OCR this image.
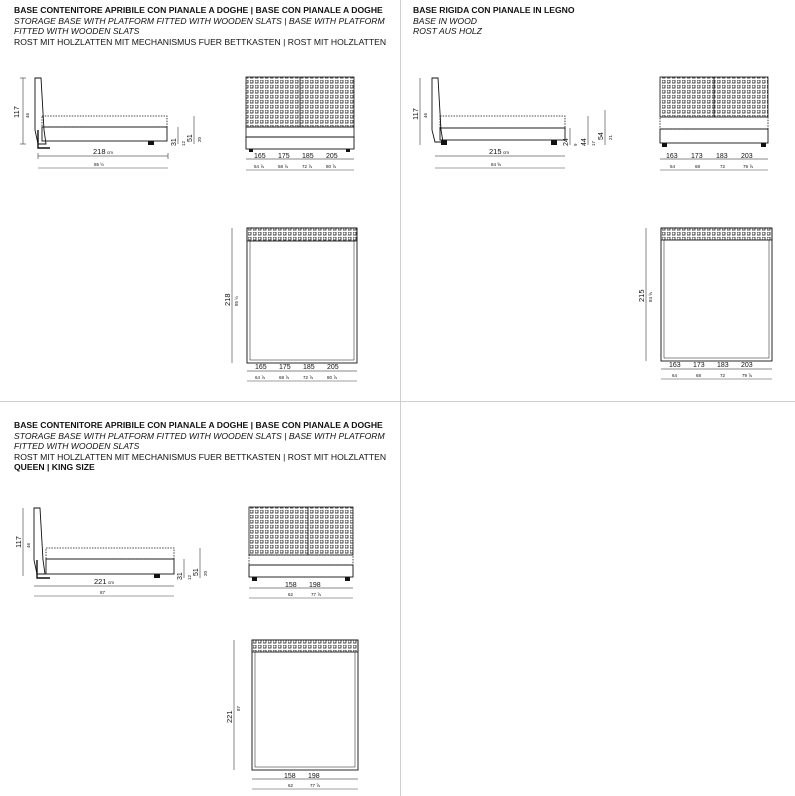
BASE CONTENITORE APRIBILE CON PIANALE A DOGHE | BASE CON PIANALE A DOGHE
STORAGE BASE WITH PLATFORM FITTED WITH WOODEN SLATS | BASE WITH PLATFORM
FITTED WITH WOODEN SLATS
ROST MIT HOLZLATTEN MIT MECHANISMUS FUER BETTKASTEN | ROST MIT HOLZLATTEN
BASE RIGIDA CON PIANALE IN LEGNO
BASE IN WOOD
ROST AUS HOLZ
BASE CONTENITORE APRIBILE CON PIANALE A DOGHE | BASE CON PIANALE A DOGHE
STORAGE BASE WITH PLATFORM FITTED WITH WOODEN SLATS | BASE WITH PLATFORM
FITTED WITH WOODEN SLATS
ROST MIT HOLZLATTEN MIT MECHANISMUS FUER BETTKASTEN | ROST MIT HOLZLATTEN
QUEEN | KING SIZE
117 46
218 cm
85 ½
31 12
51 20
165 175 185 205
64 ⅞	68 ⅞	72 ⅞	80 ⅞
218 85 ½
165 175 185 205
64 ⅞	68 ⅞	72 ⅞	80 ⅞
117 46
215 cm
84 ⅝
24 9 44 17
54 21
163 173 183 203
64	68	72	79 ⅞
215 84 ⅝
163 173 183 203
64	68	72	79 ⅞
117 46
221 cm
87
31 12
51 20
158 198
62	77 ⅞
221
87
158 198
62	77 ⅞
